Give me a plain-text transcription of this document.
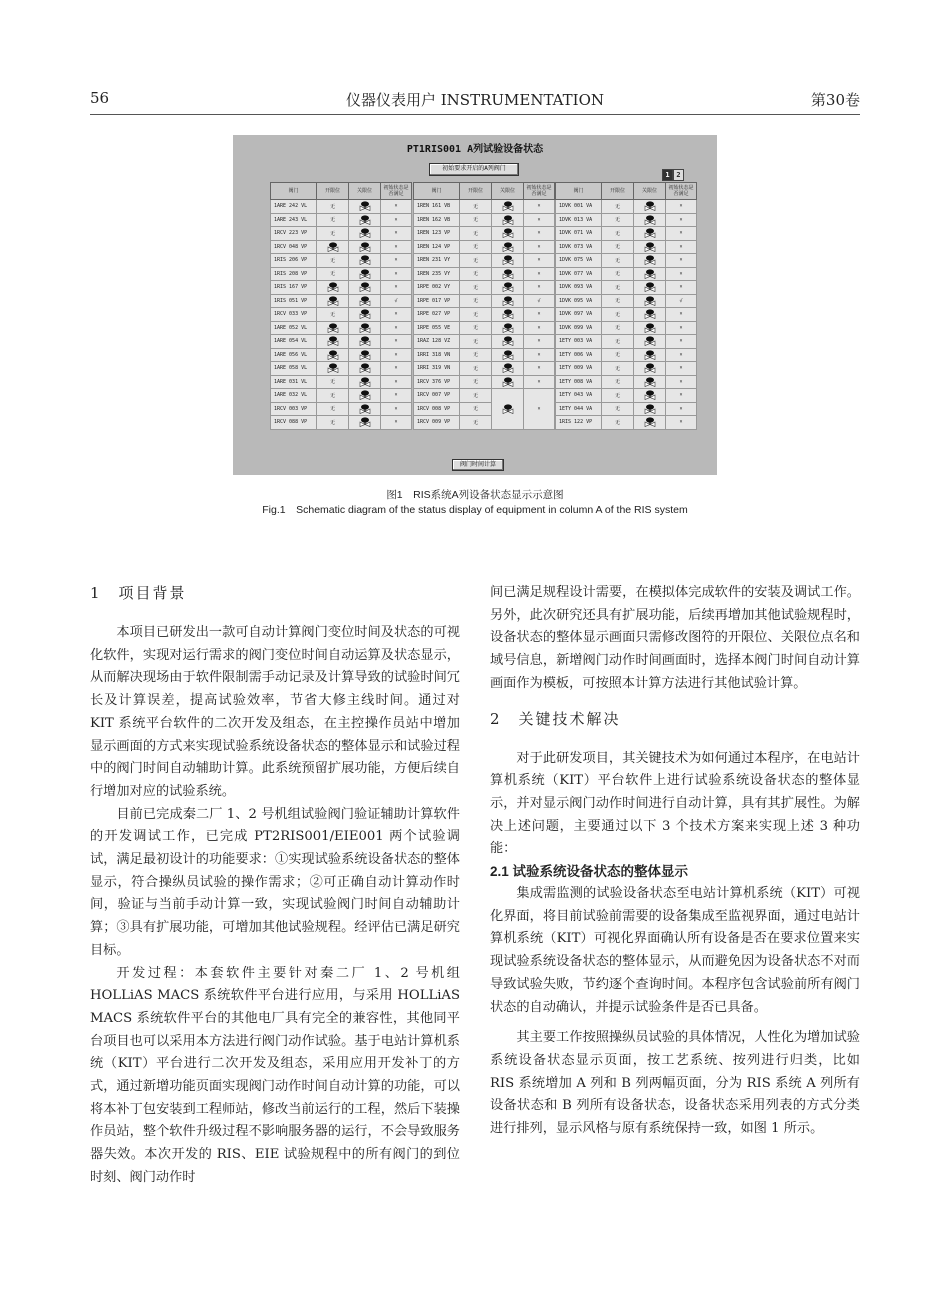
56	仪器仪表用户 INSTRUMENTATION	第30卷
PT1RIS001 A列试验设备状态
初始要求开启的A列阀门
1 2
阀门	开限位	关限位	初始状态是否满足
1ARE 242 VL	无		×
1ARE 243 VL	无		×
1RCV 223 VP	无		×
1RCV 048 VP			×
1RIS 206 VP	无		×
1RIS 208 VP	无		×
1RIS 167 VP			×
1RIS 051 VP			√
1RCV 033 VP	无		×
1ARE 052 VL			×
1ARE 054 VL			×
1ARE 056 VL			×
1ARE 058 VL			×
1ARE 031 VL	无		×
1ARE 032 VL	无		×
1RCV 003 VP	无		×
1RCV 088 VP	无		×
阀门	开限位	关限位	初始状态是否满足
1REN 161 VB	无		×
1REN 162 VB	无		×
1REN 123 VP	无		×
1REN 124 VP	无		×
1REN 231 VY	无		×
1REN 235 VY	无		×
1RPE 002 VY	无		×
1RPE 017 VP	无		√
1RPE 027 VP	无		×
1RPE 055 VE	无		×
1RAZ 128 VZ	无		×
1RRI 318 VN	无		×
1RRI 319 VN	无		×
1RCV 376 VP	无		×
1RCV 007 VP	无		×
1RCV 008 VP	无		
1RCV 009 VP	无		
阀门	开限位	关限位	初始状态是否满足
1DVK 001 VA	无		×
1DVK 013 VA	无		×
1DVK 071 VA	无		×
1DVK 073 VA	无		×
1DVK 075 VA	无		×
1DVK 077 VA	无		×
1DVK 093 VA	无		×
1DVK 095 VA	无		√
1DVK 097 VA	无		×
1DVK 099 VA	无		×
1ETY 003 VA	无		×
1ETY 006 VA	无		×
1ETY 009 VA	无		×
1ETY 008 VA	无		×
1ETY 043 VA	无		×
1ETY 044 VA	无		×
1RIS 122 VP	无		×
阀门时间计算
图1　RIS系统A列设备状态显示示意图
Fig.1　Schematic diagram of the status display of equipment in column A of the RIS system
1　项目背景

本项目已研发出一款可自动计算阀门变位时间及状态的可视化软件，实现对运行需求的阀门变位时间自动运算及状态显示，从而解决现场由于软件限制需手动记录及计算导致的试验时间冗长及计算误差，提高试验效率，节省大修主线时间。通过对 KIT 系统平台软件的二次开发及组态，在主控操作员站中增加显示画面的方式来实现试验系统设备状态的整体显示和试验过程中的阀门时间自动辅助计算。此系统预留扩展功能，方便后续自行增加对应的试验系统。

目前已完成秦二厂 1、2 号机组试验阀门验证辅助计算软件的开发调试工作，已完成 PT2RIS001/EIE001 两个试验调试，满足最初设计的功能要求：①实现试验系统设备状态的整体显示，符合操纵员试验的操作需求；②可正确自动计算动作时间，验证与当前手动计算一致，实现试验阀门时间自动辅助计算；③具有扩展功能，可增加其他试验规程。经评估已满足研究目标。

开发过程：本套软件主要针对秦二厂 1、2 号机组 HOLLiAS MACS 系统软件平台进行应用，与采用 HOLLiAS MACS 系统软件平台的其他电厂具有完全的兼容性，其他同平台项目也可以采用本方法进行阀门动作试验。基于电站计算机系统（KIT）平台进行二次开发及组态，采用应用开发补丁的方式，通过新增功能页面实现阀门动作时间自动计算的功能，可以将本补丁包安装到工程师站，修改当前运行的工程，然后下装操作员站，整个软件升级过程不影响服务器的运行，不会导致服务器失效。本次开发的 RIS、EIE 试验规程中的所有阀门的到位时刻、阀门动作时

间已满足规程设计需要，在模拟体完成软件的安装及调试工作。另外，此次研究还具有扩展功能，后续再增加其他试验规程时，设备状态的整体显示画面只需修改图符的开限位、关限位点名和域号信息，新增阀门动作时间画面时，选择本阀门时间自动计算画面作为模板，可按照本计算方法进行其他试验计算。

2　关键技术解决

对于此研发项目，其关键技术为如何通过本程序，在电站计算机系统（KIT）平台软件上进行试验系统设备状态的整体显示，并对显示阀门动作时间进行自动计算，具有其扩展性。为解决上述问题，主要通过以下 3 个技术方案来实现上述 3 种功能：

2.1 试验系统设备状态的整体显示

集成需监测的试验设备状态至电站计算机系统（KIT）可视化界面，将目前试验前需要的设备集成至监视界面，通过电站计算机系统（KIT）可视化界面确认所有设备是否在要求位置来实现试验系统设备状态的整体显示，从而避免因为设备状态不对而导致试验失败，节约逐个查询时间。本程序包含试验前所有阀门状态的自动确认，并提示试验条件是否已具备。

其主要工作按照操纵员试验的具体情况，人性化为增加试验系统设备状态显示页面，按工艺系统、按列进行归类，比如 RIS 系统增加 A 列和 B 列两幅页面，分为 RIS 系统 A 列所有设备状态和 B 列所有设备状态，设备状态采用列表的方式分类进行排列，显示风格与原有系统保持一致，如图 1 所示。
